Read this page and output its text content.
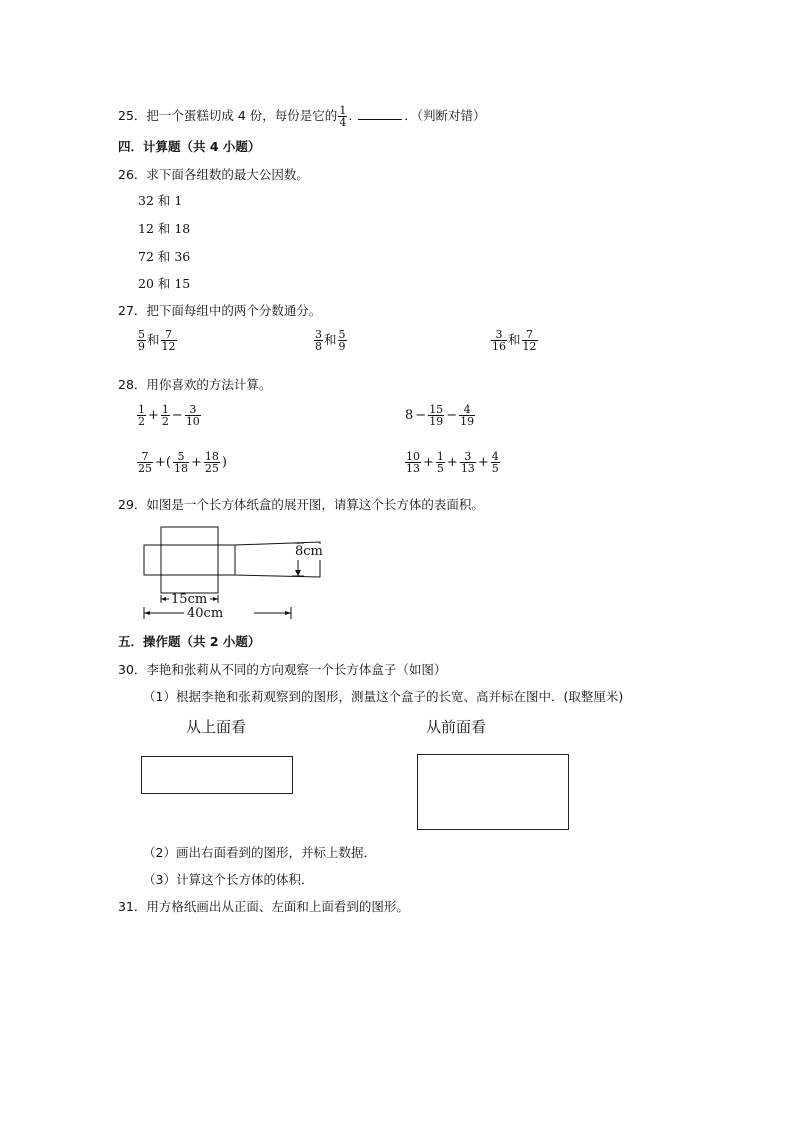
25．把一个蛋糕切成 4 份，每份是它的 $\frac{1}{4}$ .	．（判断对错）
四．计算题（共 4 小题）
26．求下面各组数的最大公因数。
32 和 1
12 和 18
72 和 36
20 和 15
27．把下面每组中的两个分数通分。
$\frac{5}{9}$ 和 $\frac{7}{12}$	$\frac{3}{8}$ 和 $\frac{5}{9}$	$\frac{3}{16}$ 和 $\frac{7}{12}$
28．用你喜欢的方法计算。
$\frac{1}{2} + \frac{1}{2} - \frac{3}{10}$	$8 - \frac{15}{19} - \frac{4}{19}$
$\frac{7}{25}$ +( $\frac{5}{18} + \frac{18}{25}$ )	$\frac{10}{13} + \frac{1}{5} + \frac{3}{13} + \frac{4}{5}$
29．如图是一个长方体纸盒的展开图，请算这个长方体的表面积。
8cm
15cm
40cm
五．操作题（共 2 小题）
30．李艳和张莉从不同的方向观察一个长方体盒子（如图）
（1）根据李艳和张莉观察到的图形，测量这个盒子的长宽、高并标在图中．(取整厘米)
从上面看	从前面看
（2）画出右面看到的图形，并标上数据．
（3）计算这个长方体的体积．
31．用方格纸画出从正面、左面和上面看到的图形。
